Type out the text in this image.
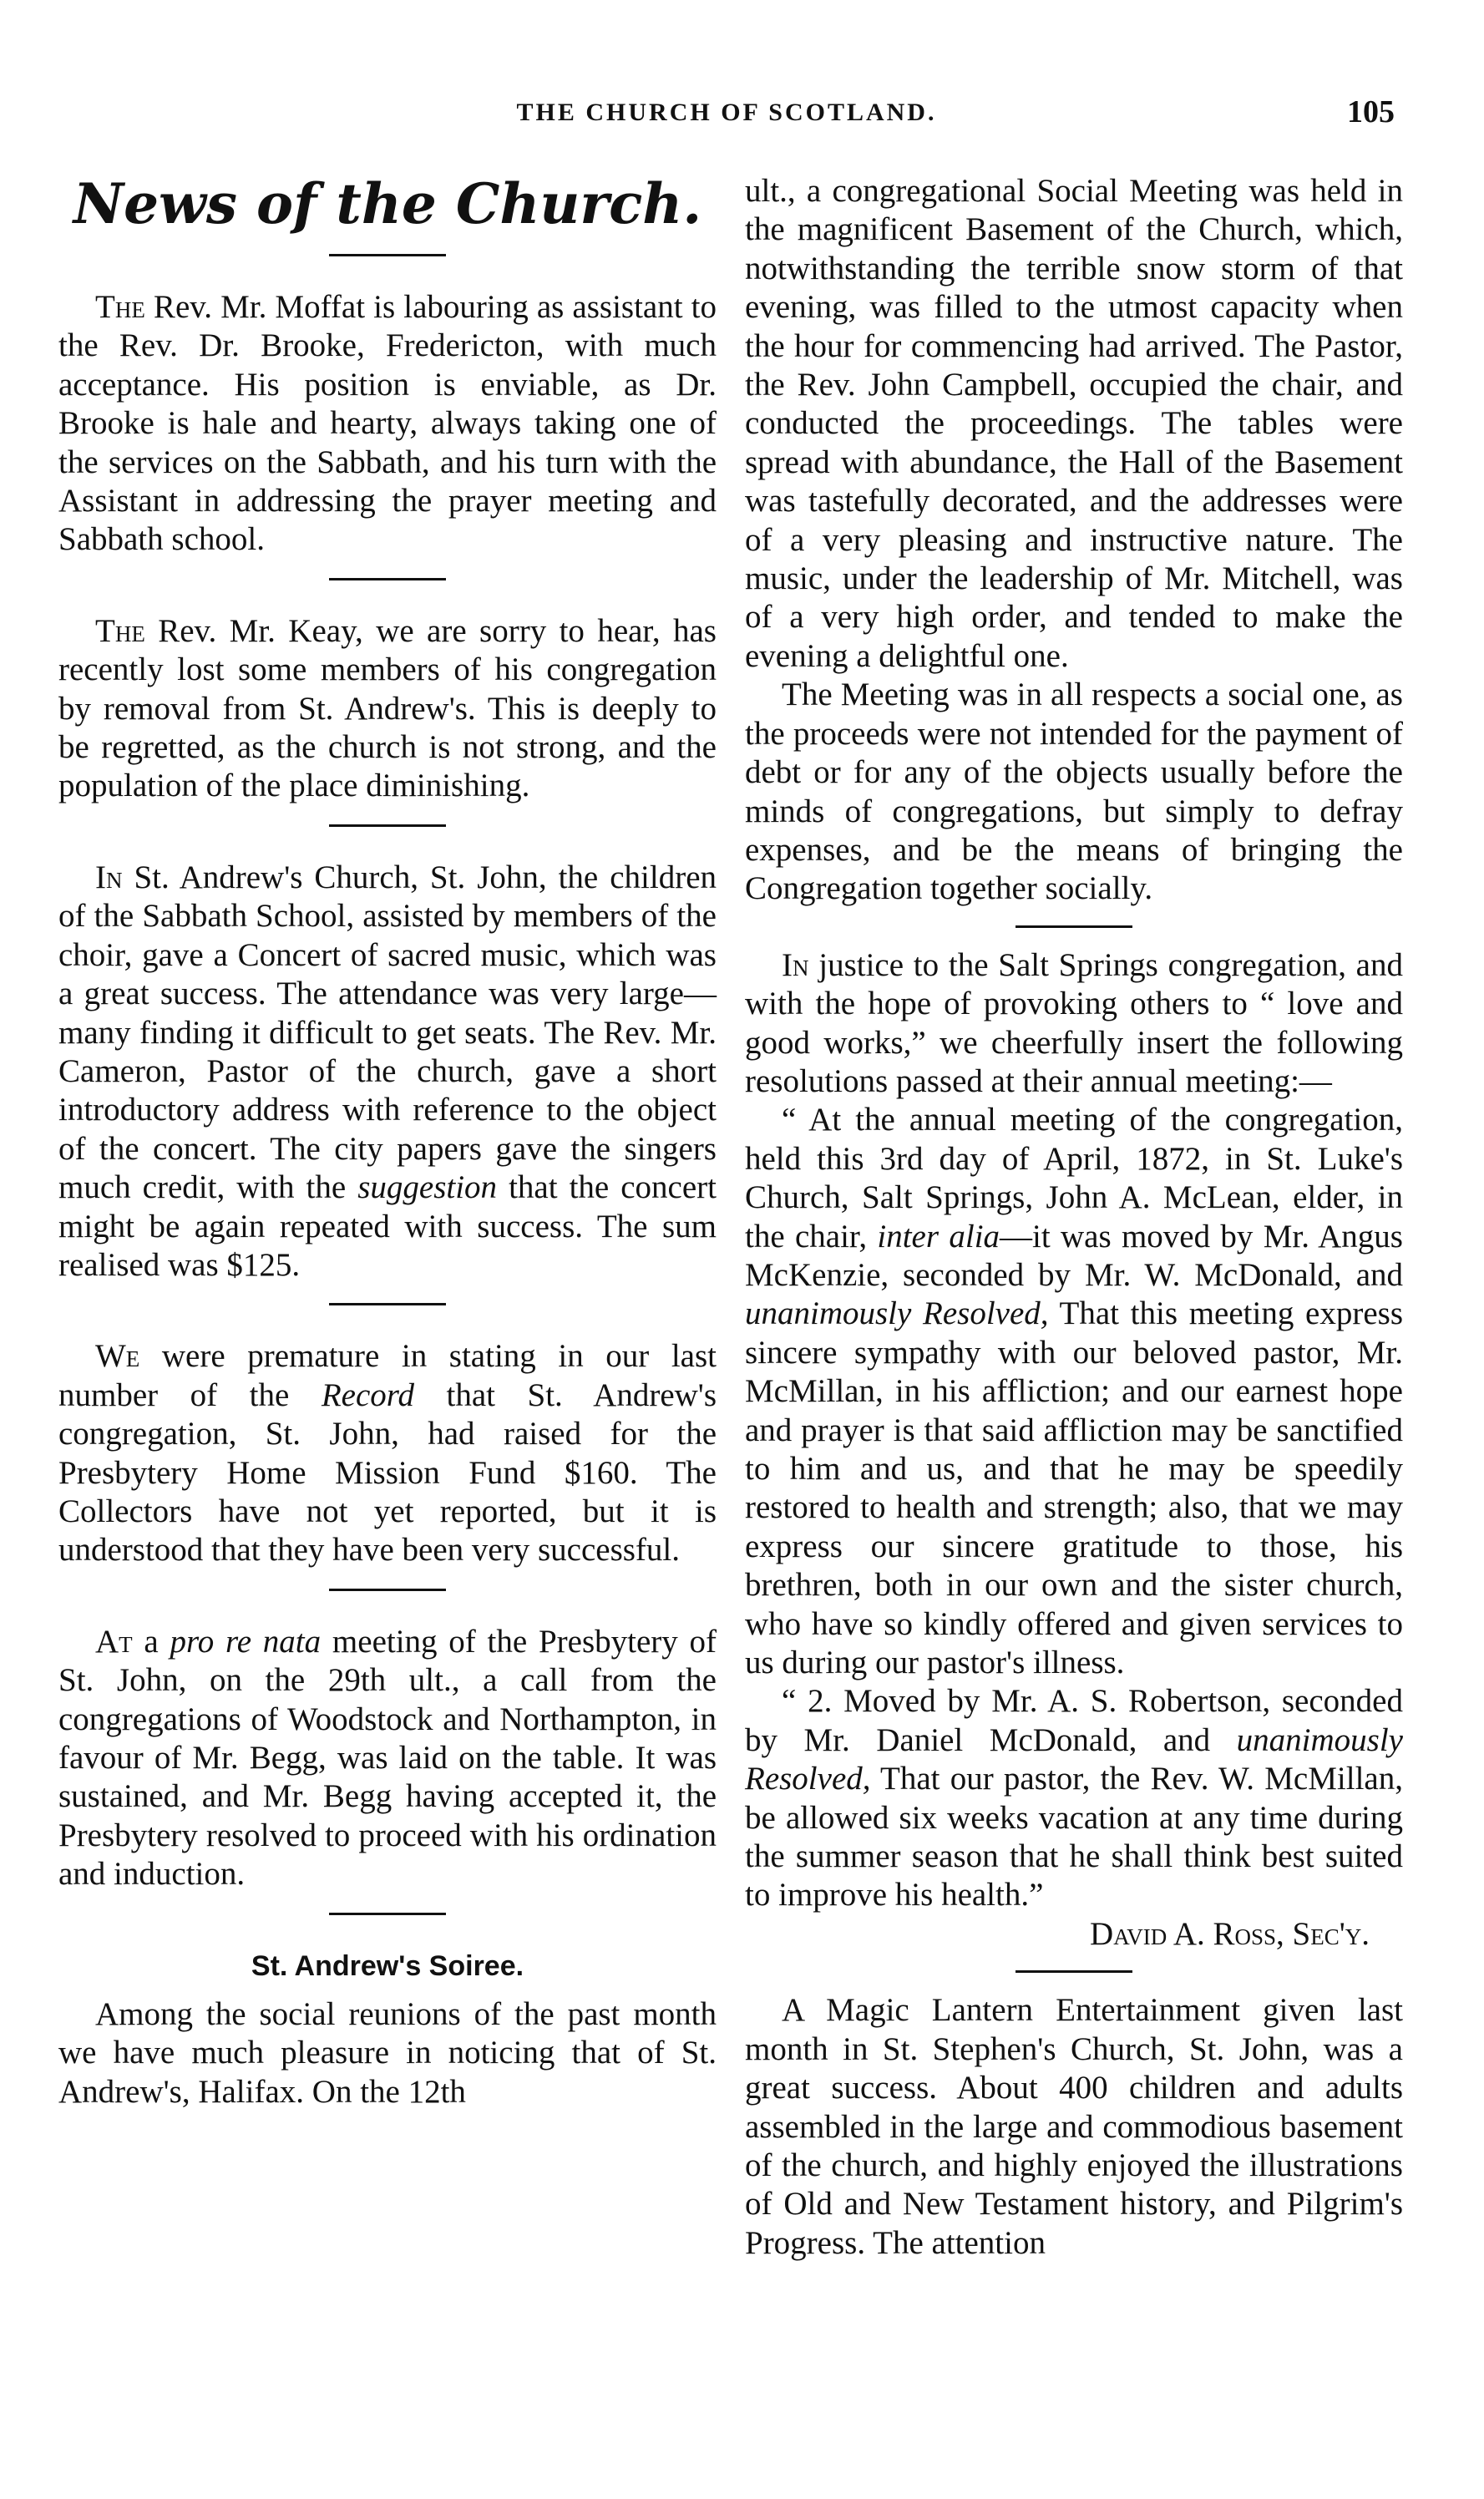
THE CHURCH OF SCOTLAND.	105
News of the Church.

The Rev. Mr. Moffat is labouring as assistant to the Rev. Dr. Brooke, Fredericton, with much acceptance. His position is enviable, as Dr. Brooke is hale and hearty, always taking one of the services on the Sabbath, and his turn with the Assistant in addressing the prayer meeting and Sabbath school.

The Rev. Mr. Keay, we are sorry to hear, has recently lost some members of his congregation by removal from St. Andrew's. This is deeply to be regretted, as the church is not strong, and the population of the place diminishing.

In St. Andrew's Church, St. John, the children of the Sabbath School, assisted by members of the choir, gave a Concert of sacred music, which was a great success. The attendance was very large—many finding it difficult to get seats. The Rev. Mr. Cameron, Pastor of the church, gave a short introductory address with reference to the object of the concert. The city papers gave the singers much credit, with the suggestion that the concert might be again repeated with success. The sum realised was $125.

We were premature in stating in our last number of the Record that St. Andrew's congregation, St. John, had raised for the Presbytery Home Mission Fund $160. The Collectors have not yet reported, but it is understood that they have been very successful.

At a pro re nata meeting of the Presbytery of St. John, on the 29th ult., a call from the congregations of Woodstock and Northampton, in favour of Mr. Begg, was laid on the table. It was sustained, and Mr. Begg having accepted it, the Presbytery resolved to proceed with his ordination and induction.

St. Andrew's Soiree.

Among the social reunions of the past month we have much pleasure in noticing that of St. Andrew's, Halifax. On the 12th

ult., a congregational Social Meeting was held in the magnificent Basement of the Church, which, notwithstanding the terrible snow storm of that evening, was filled to the utmost capacity when the hour for commencing had arrived. The Pastor, the Rev. John Campbell, occupied the chair, and conducted the proceedings. The tables were spread with abundance, the Hall of the Basement was tastefully decorated, and the addresses were of a very pleasing and instructive nature. The music, under the leadership of Mr. Mitchell, was of a very high order, and tended to make the evening a delightful one.

The Meeting was in all respects a social one, as the proceeds were not intended for the payment of debt or for any of the objects usually before the minds of congregations, but simply to defray expenses, and be the means of bringing the Congregation together socially.

In justice to the Salt Springs congregation, and with the hope of provoking others to “ love and good works,” we cheerfully insert the following resolutions passed at their annual meeting:—

“ At the annual meeting of the congregation, held this 3rd day of April, 1872, in St. Luke's Church, Salt Springs, John A. McLean, elder, in the chair, inter alia—it was moved by Mr. Angus McKenzie, seconded by Mr. W. McDonald, and unanimously Resolved, That this meeting express sincere sympathy with our beloved pastor, Mr. McMillan, in his affliction; and our earnest hope and prayer is that said affliction may be sanctified to him and us, and that he may be speedily restored to health and strength; also, that we may express our sincere gratitude to those, his brethren, both in our own and the sister church, who have so kindly offered and given services to us during our pastor's illness.

“ 2. Moved by Mr. A. S. Robertson, seconded by Mr. Daniel McDonald, and unanimously Resolved, That our pastor, the Rev. W. McMillan, be allowed six weeks vacation at any time during the summer season that he shall think best suited to improve his health.”

David A. Ross, Sec'y.

A Magic Lantern Entertainment given last month in St. Stephen's Church, St. John, was a great success. About 400 children and adults assembled in the large and commodious basement of the church, and highly enjoyed the illustrations of Old and New Testament history, and Pilgrim's Progress. The attention
